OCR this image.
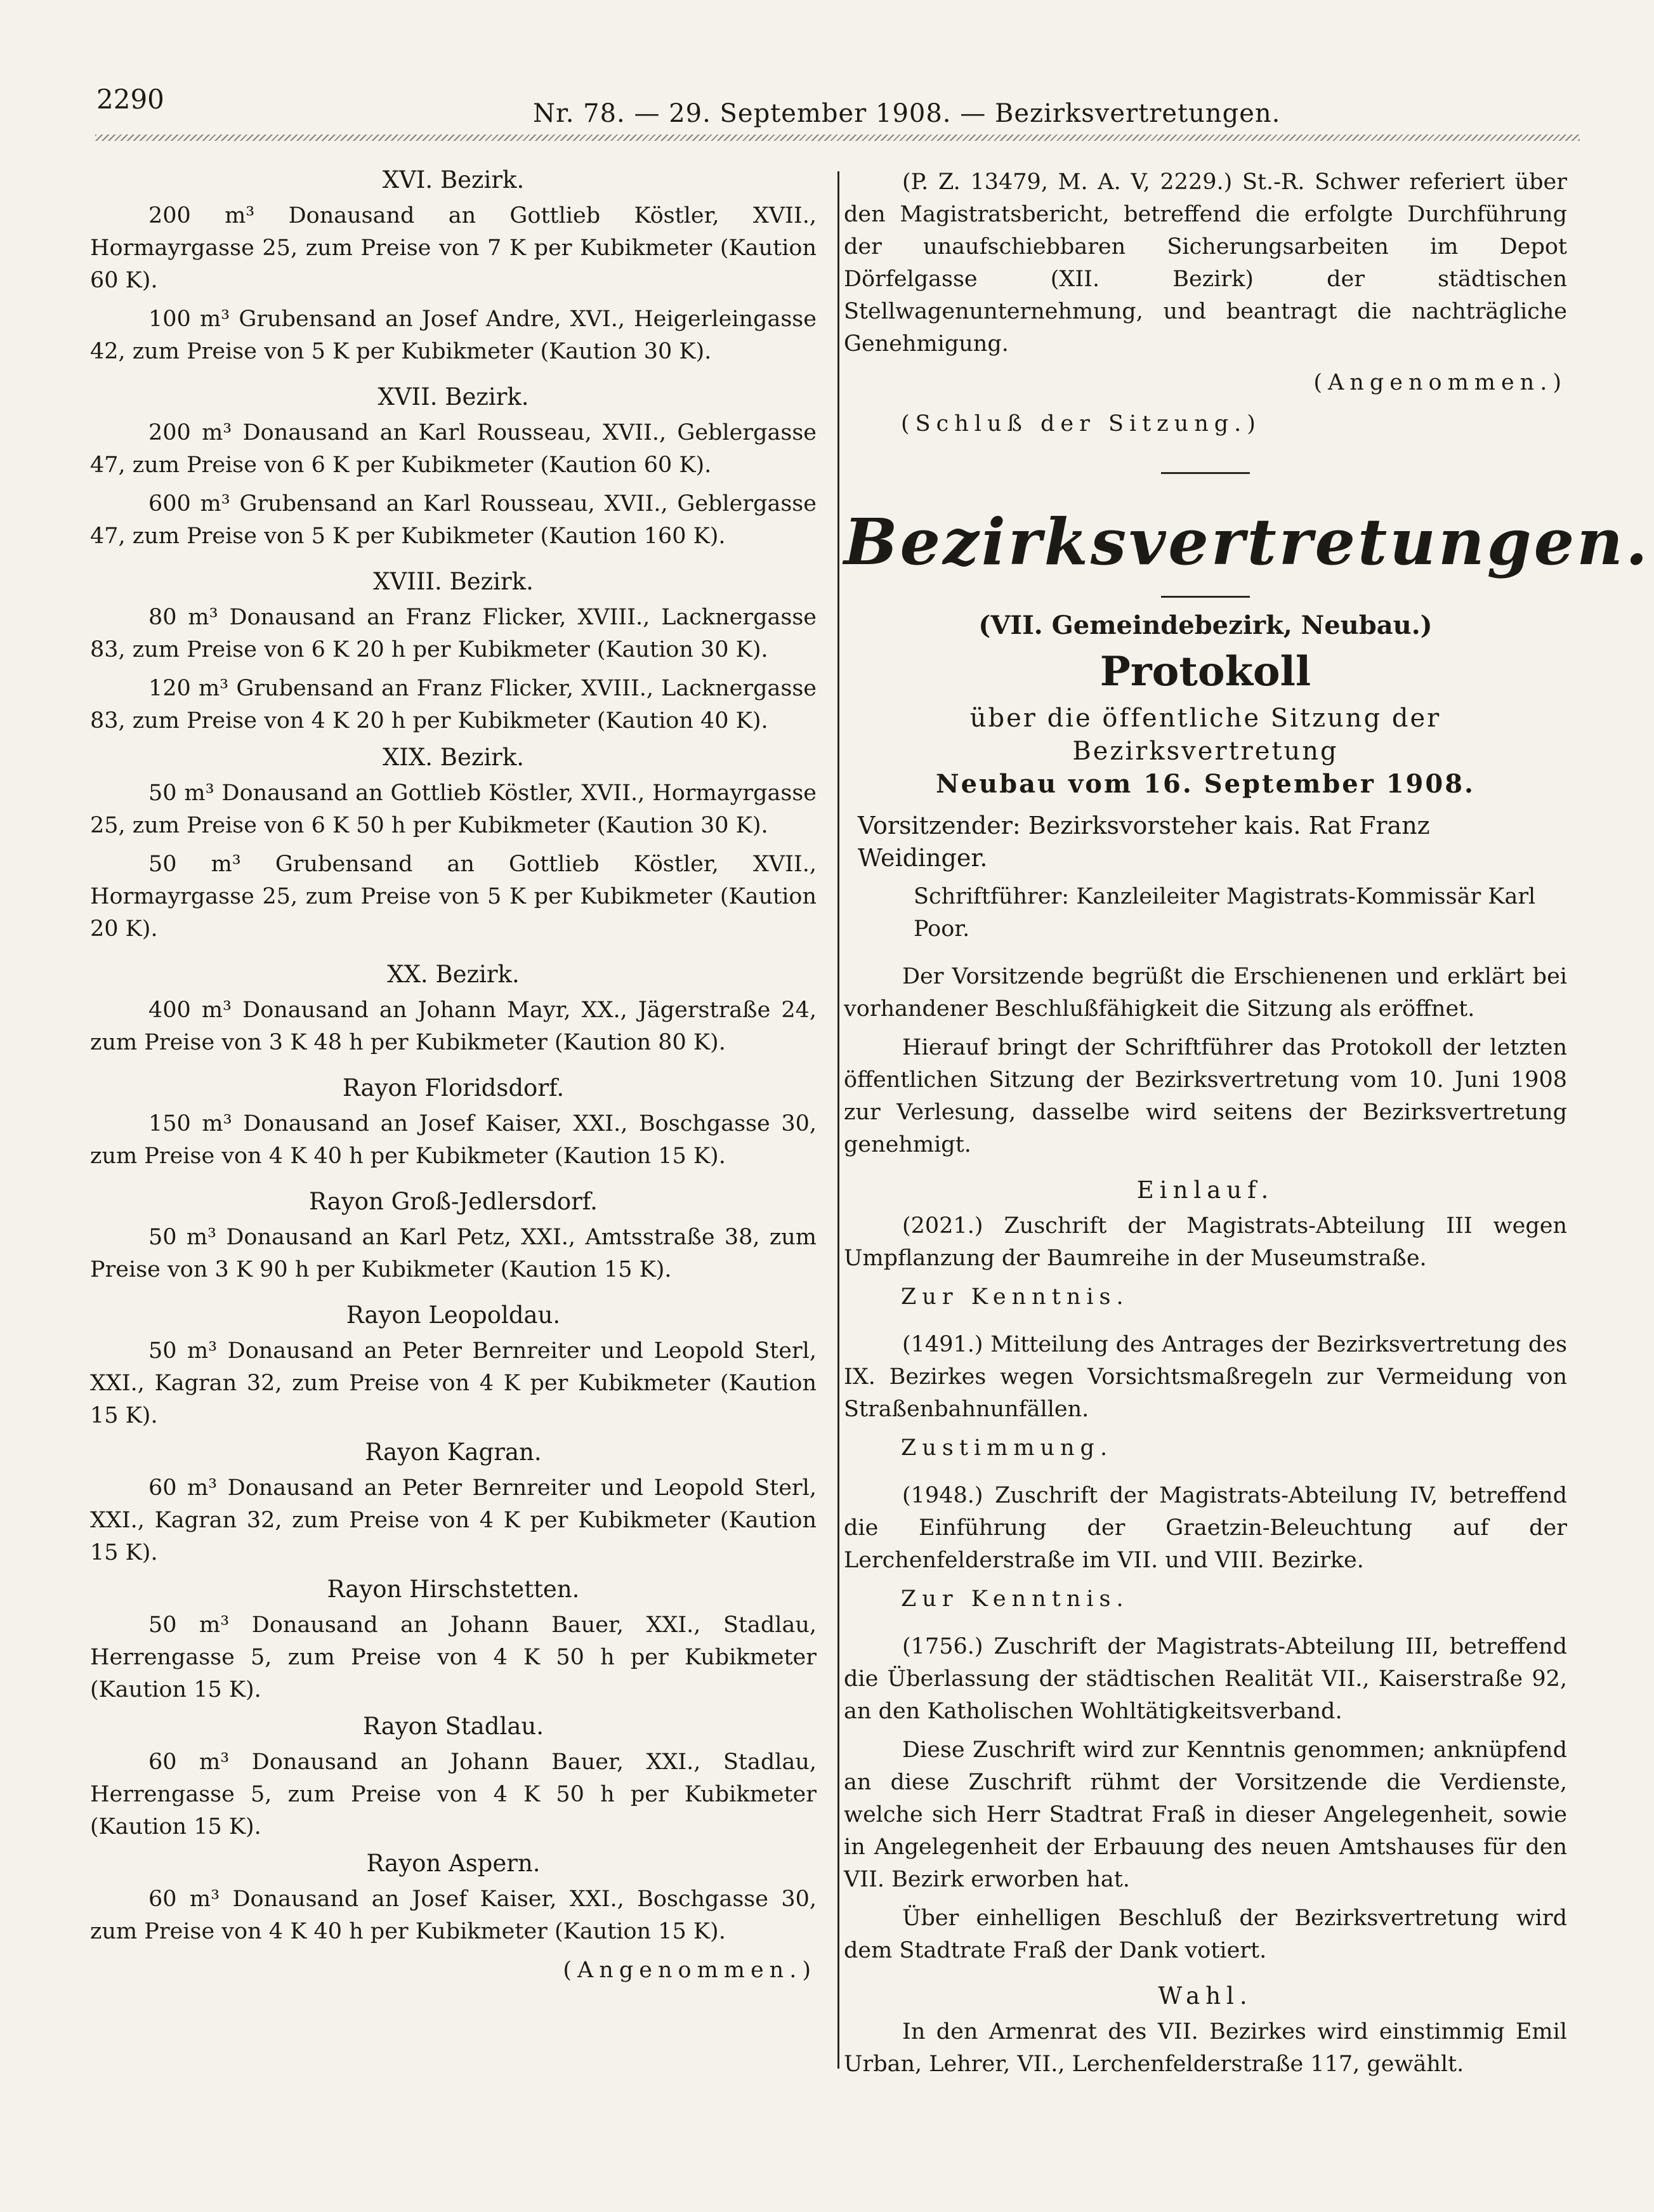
2290	Nr. 78. — 29. September 1908. — Bezirksvertretungen.

XVI. Bezirk.

200 m³ Donausand an Gottlieb Köstler, XVII., Hormayrgasse 25, zum Preise von 7 K per Kubikmeter (Kaution 60 K).

100 m³ Grubensand an Josef Andre, XVI., Heigerleingasse 42, zum Preise von 5 K per Kubikmeter (Kaution 30 K).

XVII. Bezirk.

200 m³ Donausand an Karl Rousseau, XVII., Geblergasse 47, zum Preise von 6 K per Kubikmeter (Kaution 60 K).

600 m³ Grubensand an Karl Rousseau, XVII., Geblergasse 47, zum Preise von 5 K per Kubikmeter (Kaution 160 K).

XVIII. Bezirk.

80 m³ Donausand an Franz Flicker, XVIII., Lacknergasse 83, zum Preise von 6 K 20 h per Kubikmeter (Kaution 30 K).

120 m³ Grubensand an Franz Flicker, XVIII., Lacknergasse 83, zum Preise von 4 K 20 h per Kubikmeter (Kaution 40 K).

XIX. Bezirk.

50 m³ Donausand an Gottlieb Köstler, XVII., Hormayrgasse 25, zum Preise von 6 K 50 h per Kubikmeter (Kaution 30 K).

50 m³ Grubensand an Gottlieb Köstler, XVII., Hormayrgasse 25, zum Preise von 5 K per Kubikmeter (Kaution 20 K).

XX. Bezirk.

400 m³ Donausand an Johann Mayr, XX., Jägerstraße 24, zum Preise von 3 K 48 h per Kubikmeter (Kaution 80 K).

Rayon Floridsdorf.

150 m³ Donausand an Josef Kaiser, XXI., Boschgasse 30, zum Preise von 4 K 40 h per Kubikmeter (Kaution 15 K).

Rayon Groß-Jedlersdorf.

50 m³ Donausand an Karl Petz, XXI., Amtsstraße 38, zum Preise von 3 K 90 h per Kubikmeter (Kaution 15 K).

Rayon Leopoldau.

50 m³ Donausand an Peter Bernreiter und Leopold Sterl, XXI., Kagran 32, zum Preise von 4 K per Kubikmeter (Kaution 15 K).

Rayon Kagran.

60 m³ Donausand an Peter Bernreiter und Leopold Sterl, XXI., Kagran 32, zum Preise von 4 K per Kubikmeter (Kaution 15 K).

Rayon Hirschstetten.

50 m³ Donausand an Johann Bauer, XXI., Stadlau, Herrengasse 5, zum Preise von 4 K 50 h per Kubikmeter (Kaution 15 K).

Rayon Stadlau.

60 m³ Donausand an Johann Bauer, XXI., Stadlau, Herrengasse 5, zum Preise von 4 K 50 h per Kubikmeter (Kaution 15 K).

Rayon Aspern.

60 m³ Donausand an Josef Kaiser, XXI., Boschgasse 30, zum Preise von 4 K 40 h per Kubikmeter (Kaution 15 K).

(Angenommen.)

(P. Z. 13479, M. A. V, 2229.) St.-R. Schwer referiert über den Magistratsbericht, betreffend die erfolgte Durchführung der unaufschiebbaren Sicherungsarbeiten im Depot Dörfelgasse (XII. Bezirk) der städtischen Stellwagenunternehmung, und beantragt die nachträgliche Genehmigung.

(Angenommen.)

(Schluß der Sitzung.)

Bezirksvertretungen.
(VII. Gemeindebezirk, Neubau.)
Protokoll
über die öffentliche Sitzung der Bezirksvertretung
Neubau vom 16. September 1908.

Vorsitzender: Bezirksvorsteher kais. Rat Franz Weidinger.

Schriftführer: Kanzleileiter Magistrats-Kommissär Karl Poor.

Der Vorsitzende begrüßt die Erschienenen und erklärt bei vorhandener Beschlußfähigkeit die Sitzung als eröffnet.

Hierauf bringt der Schriftführer das Protokoll der letzten öffentlichen Sitzung der Bezirksvertretung vom 10. Juni 1908 zur Verlesung, dasselbe wird seitens der Bezirksvertretung genehmigt.

Einlauf.

(2021.) Zuschrift der Magistrats-Abteilung III wegen Umpflanzung der Baumreihe in der Museumstraße.

Zur Kenntnis.

(1491.) Mitteilung des Antrages der Bezirksvertretung des IX. Bezirkes wegen Vorsichtsmaßregeln zur Vermeidung von Straßenbahnunfällen.

Zustimmung.

(1948.) Zuschrift der Magistrats-Abteilung IV, betreffend die Einführung der Graetzin-Beleuchtung auf der Lerchenfelderstraße im VII. und VIII. Bezirke.

Zur Kenntnis.

(1756.) Zuschrift der Magistrats-Abteilung III, betreffend die Überlassung der städtischen Realität VII., Kaiserstraße 92, an den Katholischen Wohltätigkeitsverband.

Diese Zuschrift wird zur Kenntnis genommen; anknüpfend an diese Zuschrift rühmt der Vorsitzende die Verdienste, welche sich Herr Stadtrat Fraß in dieser Angelegenheit, sowie in Angelegenheit der Erbauung des neuen Amtshauses für den VII. Bezirk erworben hat.

Über einhelligen Beschluß der Bezirksvertretung wird dem Stadtrate Fraß der Dank votiert.

Wahl.

In den Armenrat des VII. Bezirkes wird einstimmig Emil Urban, Lehrer, VII., Lerchenfelderstraße 117, gewählt.
